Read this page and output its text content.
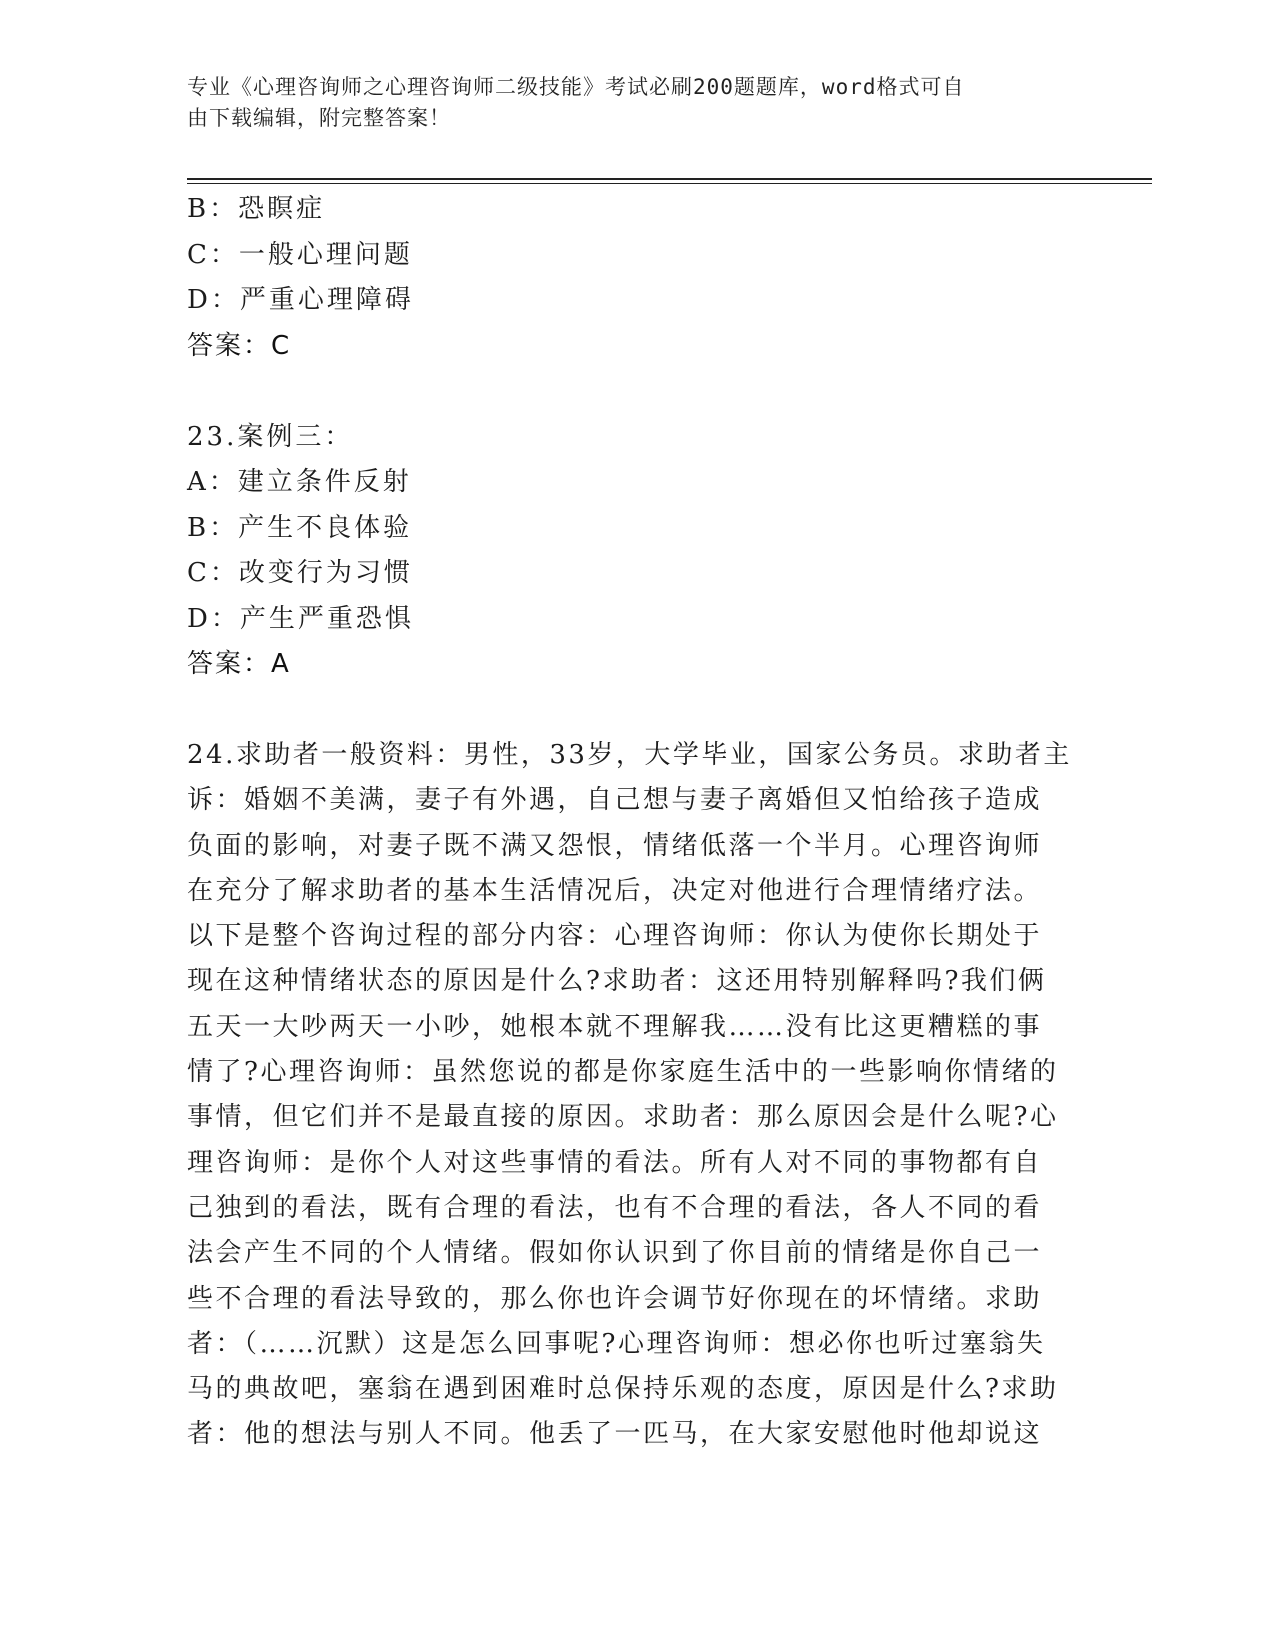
专业《心理咨询师之心理咨询师二级技能》考试必刷200题题库，word格式可自
由下载编辑，附完整答案！
B：恐瞑症
C：一般心理问题
D：严重心理障碍
答案：C
23.案例三：
A：建立条件反射
B：产生不良体验
C：改变行为习惯
D：产生严重恐惧
答案：A
24.求助者一般资料：男性，33岁，大学毕业，国家公务员。求助者主
诉：婚姻不美满，妻子有外遇，自己想与妻子离婚但又怕给孩子造成
负面的影响，对妻子既不满又怨恨，情绪低落一个半月。心理咨询师
在充分了解求助者的基本生活情况后，决定对他进行合理情绪疗法。
以下是整个咨询过程的部分内容：心理咨询师：你认为使你长期处于
现在这种情绪状态的原因是什么?求助者：这还用特别解释吗?我们俩
五天一大吵两天一小吵，她根本就不理解我……没有比这更糟糕的事
情了?心理咨询师：虽然您说的都是你家庭生活中的一些影响你情绪的
事情，但它们并不是最直接的原因。求助者：那么原因会是什么呢?心
理咨询师：是你个人对这些事情的看法。所有人对不同的事物都有自
己独到的看法，既有合理的看法，也有不合理的看法，各人不同的看
法会产生不同的个人情绪。假如你认识到了你目前的情绪是你自己一
些不合理的看法导致的，那么你也许会调节好你现在的坏情绪。求助
者：（……沉默）这是怎么回事呢?心理咨询师：想必你也听过塞翁失
马的典故吧，塞翁在遇到困难时总保持乐观的态度，原因是什么?求助
者：他的想法与别人不同。他丢了一匹马，在大家安慰他时他却说这
